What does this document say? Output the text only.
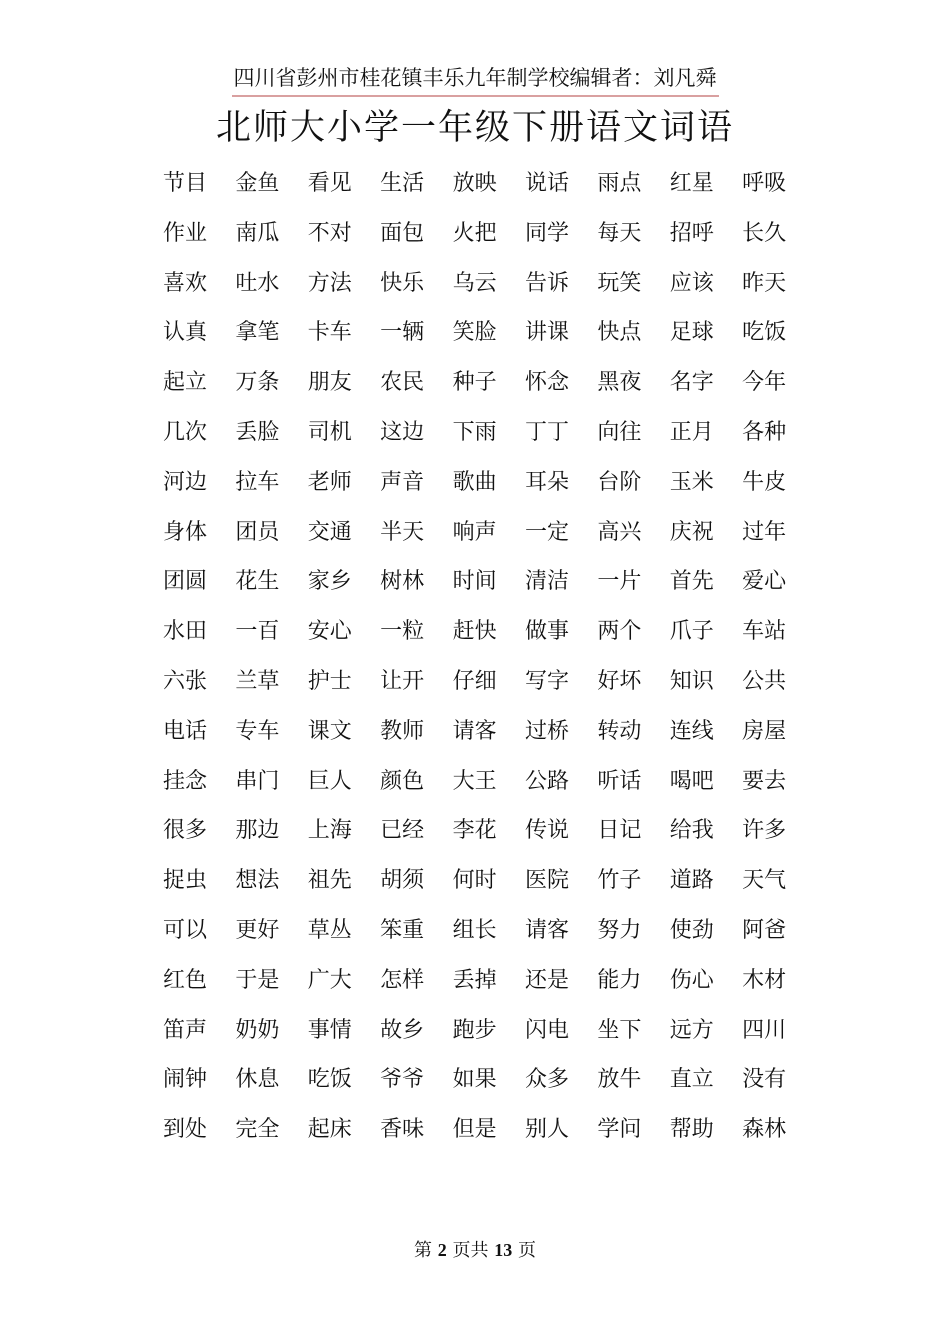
四川省彭州市桂花镇丰乐九年制学校编辑者：刘凡舜
北师大小学一年级下册语文词语
节目	金鱼	看见	生活	放映	说话	雨点	红星	呼吸
作业	南瓜	不对	面包	火把	同学	每天	招呼	长久
喜欢	吐水	方法	快乐	乌云	告诉	玩笑	应该	昨天
认真	拿笔	卡车	一辆	笑脸	讲课	快点	足球	吃饭
起立	万条	朋友	农民	种子	怀念	黑夜	名字	今年
几次	丢脸	司机	这边	下雨	丁丁	向往	正月	各种
河边	拉车	老师	声音	歌曲	耳朵	台阶	玉米	牛皮
身体	团员	交通	半天	响声	一定	高兴	庆祝	过年
团圆	花生	家乡	树林	时间	清洁	一片	首先	爱心
水田	一百	安心	一粒	赶快	做事	两个	爪子	车站
六张	兰草	护士	让开	仔细	写字	好坏	知识	公共
电话	专车	课文	教师	请客	过桥	转动	连线	房屋
挂念	串门	巨人	颜色	大王	公路	听话	喝吧	要去
很多	那边	上海	已经	李花	传说	日记	给我	许多
捉虫	想法	祖先	胡须	何时	医院	竹子	道路	天气
可以	更好	草丛	笨重	组长	请客	努力	使劲	阿爸
红色	于是	广大	怎样	丢掉	还是	能力	伤心	木材
笛声	奶奶	事情	故乡	跑步	闪电	坐下	远方	四川
闹钟	休息	吃饭	爷爷	如果	众多	放牛	直立	没有
到处	完全	起床	香味	但是	别人	学问	帮助	森林
第 2 页共 13 页
